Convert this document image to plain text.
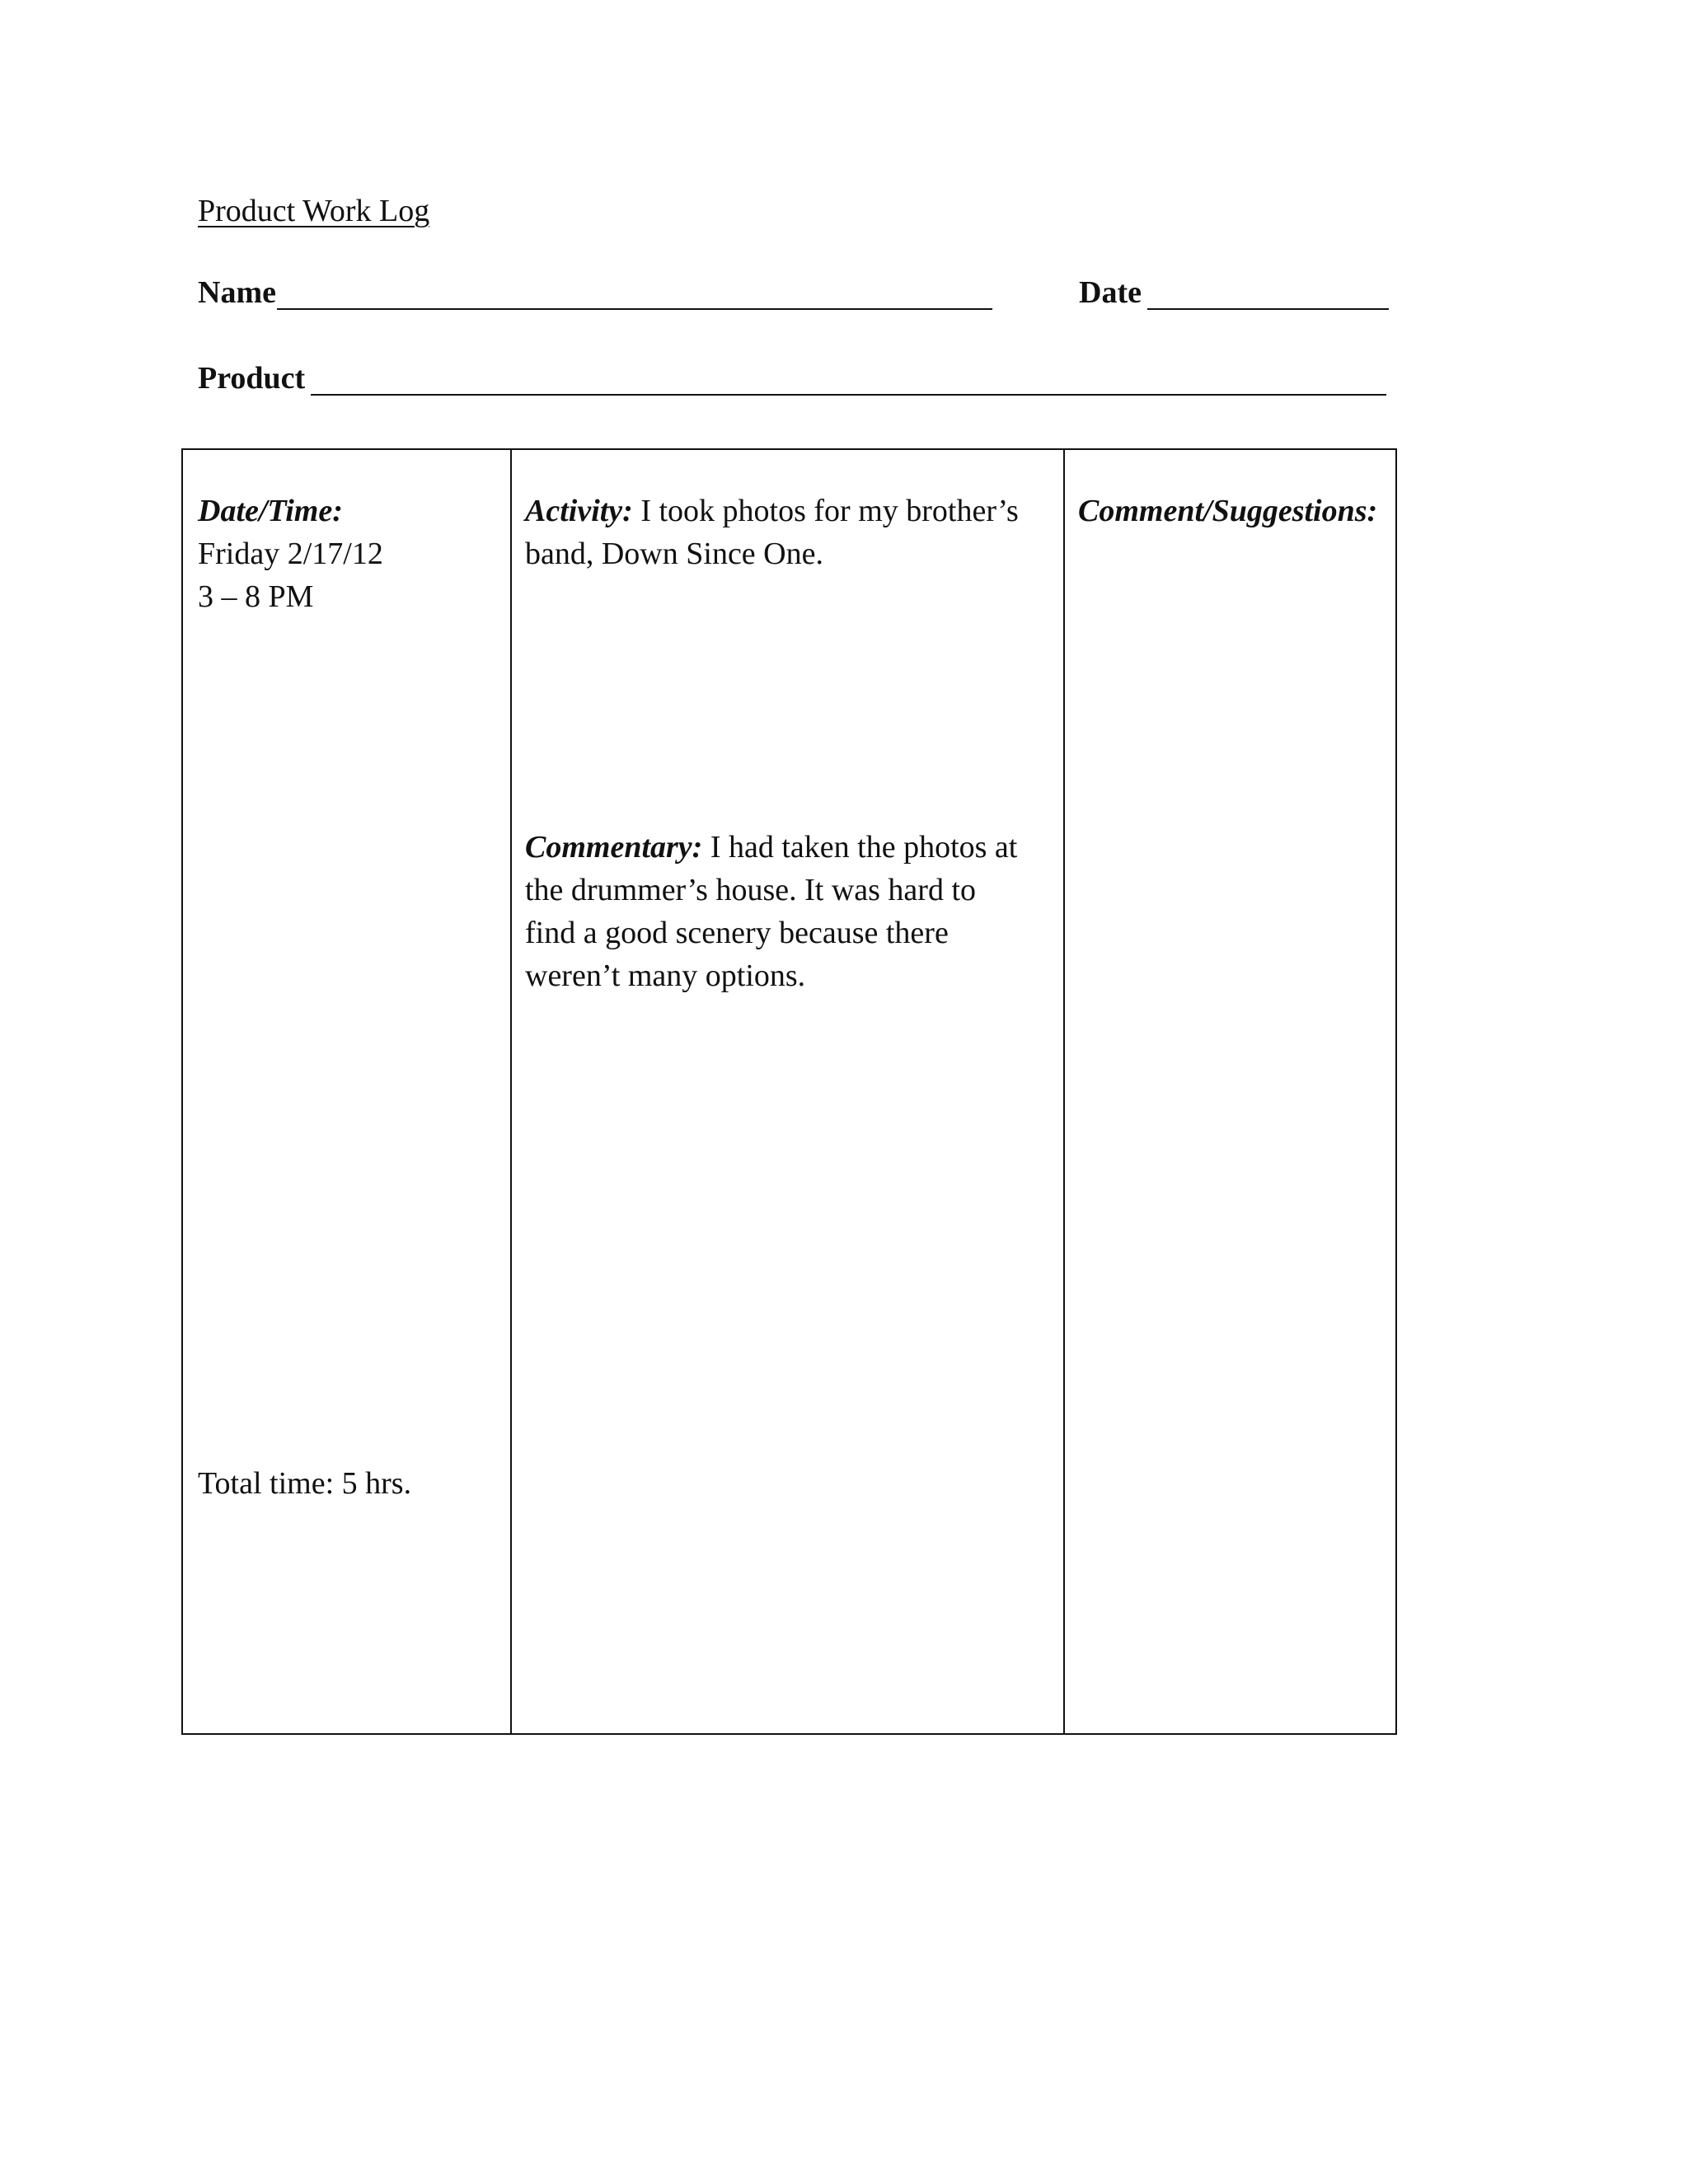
Product Work Log
Name	Date
Product
Date/Time:
Friday 2/17/12
3 – 8 PM
Total time: 5 hrs.
Activity: I took photos for my brother’s
band, Down Since One.
Commentary: I had taken the photos at
the drummer’s house. It was hard to
find a good scenery because there
weren’t many options.
Comment/Suggestions:
